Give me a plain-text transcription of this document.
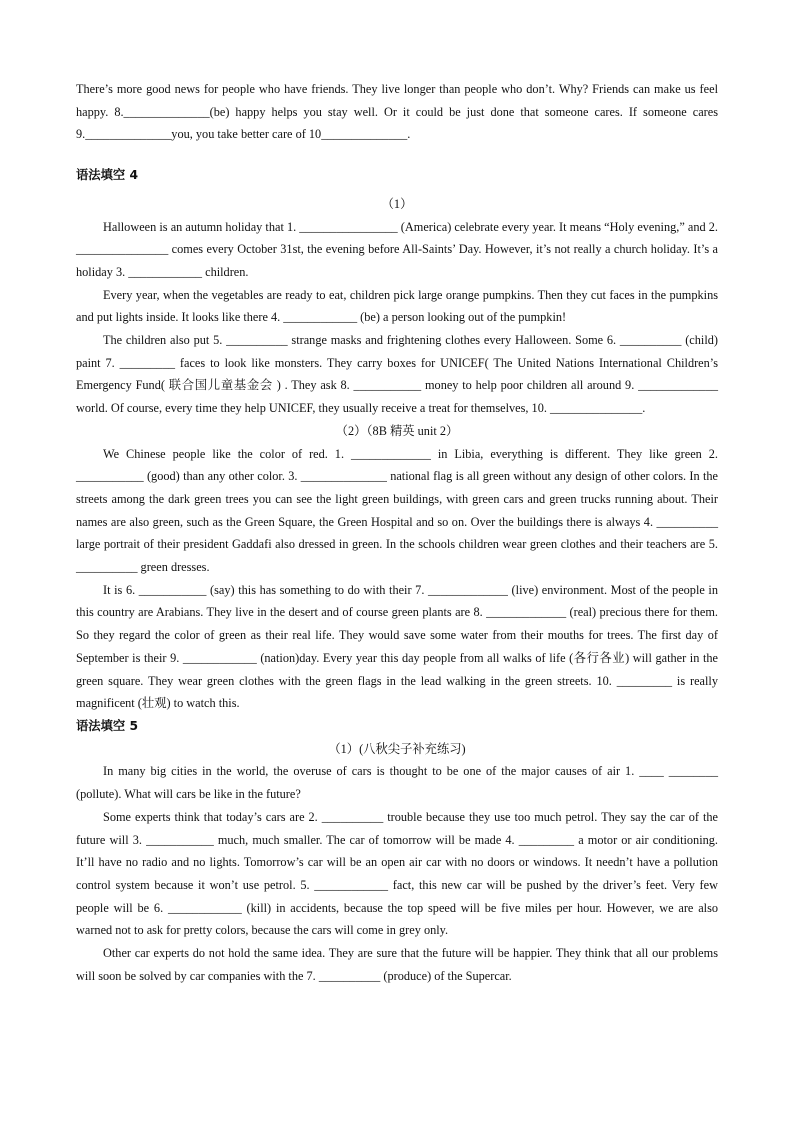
There’s more good news for people who have friends. They live longer than people who don’t. Why? Friends can make us feel happy. 8.______________(be) happy helps you stay well. Or it could be just done that someone cares. If someone cares 9.______________you, you take better care of 10______________.

语法填空 4

（1）

Halloween is an autumn holiday that 1. ________________ (America) celebrate every year. It means “Holy evening,” and 2. _______________ comes every October 31st, the evening before All-Saints’ Day. However, it’s not really a church holiday. It’s a holiday 3. ____________ children.

Every year, when the vegetables are ready to eat, children pick large orange pumpkins. Then they cut faces in the pumpkins and put lights inside. It looks like there 4. ____________ (be) a person looking out of the pumpkin!

The children also put 5. __________ strange masks and frightening clothes every Halloween. Some 6. __________ (child) paint 7. _________ faces to look like monsters. They carry boxes for UNICEF( The United Nations International Children’s Emergency Fund( 联合国儿童基金会 ) . They ask 8. ___________ money to help poor children all around 9. _____________ world. Of course, every time they help UNICEF, they usually receive a treat for themselves, 10. _______________.

（2）（8B 精英 unit 2）

We Chinese people like the color of red. 1. _____________ in Libia, everything is different. They like green 2. ___________ (good) than any other color. 3. ______________ national flag is all green without any design of other colors. In the streets among the dark green trees you can see the light green buildings, with green cars and green trucks running about. Their names are also green, such as the Green Square, the Green Hospital and so on. Over the buildings there is always 4. __________ large portrait of their president Gaddafi also dressed in green. In the schools children wear green clothes and their teachers are 5. __________ green dresses.

It is 6. ___________ (say) this has something to do with their 7. _____________ (live) environment. Most of the people in this country are Arabians. They live in the desert and of course green plants are 8. _____________ (real) precious there for them. So they regard the color of green as their real life. They would save some water from their mouths for trees. The first day of September is their 9. ____________ (nation)day. Every year this day people from all walks of life (各行各业) will gather in the green square. They wear green clothes with the green flags in the lead walking in the green streets. 10. _________ is really magnificent (壮观) to watch this.

语法填空 5

（1）(八秋尖子补充练习)

In many big cities in the world, the overuse of cars is thought to be one of the major causes of air 1. ____ ________ (pollute). What will cars be like in the future?

Some experts think that today’s cars are 2. __________ trouble because they use too much petrol. They say the car of the future will 3. ___________ much, much smaller. The car of tomorrow will be made 4. _________ a motor or air conditioning. It’ll have no radio and no lights. Tomorrow’s car will be an open air car with no doors or windows. It needn’t have a pollution control system because it won’t use petrol. 5. ____________ fact, this new car will be pushed by the driver’s feet. Very few people will be 6. ____________ (kill) in accidents, because the top speed will be five miles per hour. However, we are also warned not to ask for pretty colors, because the cars will come in grey only.

Other car experts do not hold the same idea. They are sure that the future will be happier. They think that all our problems will soon be solved by car companies with the 7. __________ (produce) of the Supercar.
